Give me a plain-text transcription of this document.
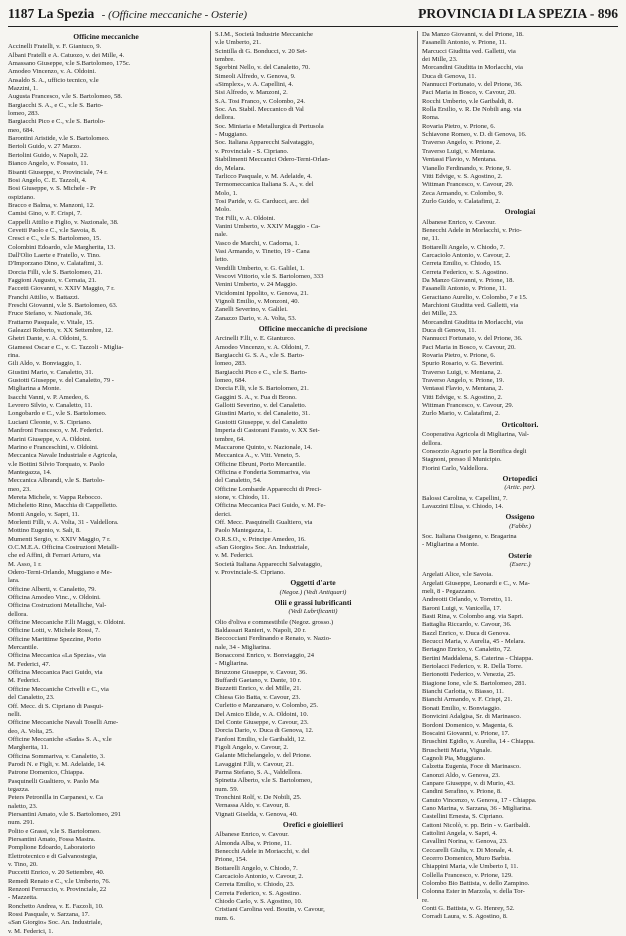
1187 La Spezia - (Officine meccaniche - Osterie)	PROVINCIA DI LA SPEZIA - 896
Officine meccaniche
Accinelli Fratelli, v. F. Giantuco, 9.
Albani Fratelli e A. Catuozo, v. dei Mille, 4.
Amassano Giuseppe, v.le S.Bartolomeo, 175c.
Amodeo Vincenzo, v. A. Oldoini.
Ansaldo S. A., ufficio tecnico, v.le
Mazzini, 1.
Augusta Francesco, v.le S. Bartolomeo, 58.
Bargiacchi S. A., e C., v.le S. Barto-
lomeo, 283.
Bargiacchi Pico e C., v.le S. Bartolo-
meo, 684.
Barontini Aristide, v.le S. Bartolomeo.
Bertoli Guido, v. 27 Marzo.
Bertolini Guido, v. Napoli, 22.
Bianco Angelo, v. Fossato, 11.
Bisanti Giuseppe, v. Provinciale, 74 r.
Bosi Angelo, C. E. Tazzoli, 4.
Bosi Giuseppe, v. S. Michele - Pr
ospiziano.
Bracco e Balma, v. Manzoni, 12.
Camisi Gino, v. F. Crispi, 7.
Cappelli Attilio e Figlio, v. Nazionale, 38.
Cevetti Paolo e C., v.le Savoia, 8.
Cresci e C., v.le S. Bartolomeo, 15.
Colombini Edoardo, v.le Margherita, 13.
Dall'Olio Laerte e Fratello, v. Tino.
D'Imporzano Dino, v. Calatafimi, 3.
Dorcia Filli, v.le S. Bartolomeo, 21.
Faggioni Augusto, v. Cernaia, 21.
Faccetti Giovanni, v. XXIV Maggio, 7 r.
Franchi Attilio, v. Battazzi.
Freschi Giovanni, v.le S. Bartolomeo, 63.
Fruce Stefano, v. Nazionale, 36.
Frattarno Pasquale, v. Vitale, 15.
Galeazzi Roberto, v. XX Settembre, 12.
Ghetri Dante, v. A. Oldoini, 5.
Giamessi Oscar e C., v. C. Tazzoli - Miglia-
rina.
Gili Aldo, v. Bonviaggio, 1.
Giustini Mario, v. Canaletto, 31.
Gustotti Giuseppe, v. del Canaletto, 79 -
Migliarina a Monte.
Isacchi Vanni, v. P. Amedeo, 6.
Levrero Silvio, v. Canaletto, 11.
Longobardo e C., v.le S. Bartolomeo.
Luciani Cleonte, v. S. Cipriano.
Manfroni Francesco, v. M. Federici.
Marini Giuseppe, v. A. Oldoini.
Marino e Franceschini, v. Oldoini.
Meccanica Navale Industriale e Agricola,
v.le Bottini Silvio Torquato, v. Paolo
Mantegazza, 14.
Meccanica Albrandi, v.le S. Bartolo-
meo, 23.
Mereta Michele, v. Vappa Rebocco.
Micheletto Rino, Macchia di Cappelletto.
Monti Angelo, v. Sapri, 11.
Morlenti Filli, v. A. Volta, 31 - Valdellora.
Mottino Eugenio, v. Salt, 8.
Mumenti Sergio, v. XXIV Maggio, 7 r.
O.C.M.E.A. Officina Costruzioni Metalli-
che ed Affini, di Ferrari Arturo, via
M. Asso, 1 r.
Odero-Terni-Orlando, Muggiano e Me-
lara.
Officine Alberti, v. Canaletto, 79.
Officina Amodeo Vinc., v. Oldoini.
Officina Costruzioni Metalliche, Val-
dellora.
Officine Meccaniche F.lli Maggi, v. Oldoini.
Officine Lotti, v. Michele Rossi, 7.
Officine Marittime Spezzine, Porto
Mercantile.
Officina Meccanica «La Spezia», via
M. Federici, 47.
Officina Meccanica Paci Guido, via
M. Federici.
Officine Meccaniche Crivelli e C., via
del Canaletto, 23.
Off. Mecc. di S. Cipriano di Pasqui-
nelli.
Officine Meccaniche Navali Toselli Ame-
deo, A. Volta, 25.
Officine Meccaniche «Sada» S. A., v.le
Margherita, 11.
Officina Sommariva, v. Canaletto, 3.
Parodi N. e Figli, v. M. Adelaide, 14.
Patrone Domenico, Chiappa.
Pasquinelli Gualtiero, v. Paolo Ma
tegazza.
Peters Petronilla in Carpanesi, v. Ca
naletto, 23.
Piersantini Amato, v.le S. Bartolomeo, 291
num. 291.
Polito e Grassi, v.le S. Bartolomeo.
Piersantini Amato, Fossa Mastra.
Pomplione Edoardo, Laboratorio
Elettrotecnico e di Galvanostegia,
v. Tino, 20.
Puccetti Enrico, v. 20 Settembre, 40.
Remedi Renato e C., v.le Umberto, 76.
Renzoni Ferruccio, v. Provinciale, 22
- Mazzetta.
Ronchetto Andrea, v. E. Fazzoli, 10.
Rossi Pasquale, v. Sarzana, 17.
«San Giorgio» Soc. An. Industriale,
v. M. Federici, 1.
S.I.M., Società Industrie Meccaniche
v.le Umberto, 21.
Scintilla di G. Bonducci, v. 20 Set-
tembre.
Sgorbini Nello, v. del Canaletto, 70.
Simeoli Alfredo, v. Genova, 9.
«Simplex», v. A. Capellini, 4.
Sisi Alfredo, v. Manzoni, 2.
S.A. Tosi Franco, v. Colombo, 24.
Soc. An. Stabil. Meccanico di Val
dellora.
Soc. Miniaria e Metallurgica di Pertusola
- Muggiano.
Soc. Italiana Apparecchi Salvataggio,
v. Provinciale - S. Cipriano.
Stabilimenti Meccanici Odero-Terni-Orlan-
do, Melara.
Tarlicco Pasquale, v. M. Adelaide, 4.
Termomeccanica Italiana S. A., v. del
Molo, 1.
Tosi Paride, v. G. Carducci, arc. del
Molo.
Tot Filli, v. A. Oldoini.
Vanini Umberto, v. XXIV Maggio - Ca-
nale.
Vasco de Marchi, v. Cadorna, 1.
Vasi Armando, v. Tinetto, 19 - Cana
letto.
Vendilli Umberto, v. G. Galilei, 1.
Vescovi Vittorio, v.le S. Bartolomeo, 333
Venini Umberto, v. 24 Maggio.
Vicidomini Ippolito, v. Genova, 21.
Vignoli Emilio, v. Monzoni, 40.
Zanelli Severino, v. Galilei.
Zanazzo Dario, v. A. Volta, 53.
Officine meccaniche di precisione
Arcinelli F.lli, v. E. Gianturco.
Amodeo Vincenzo, v. A. Oldoini, 7.
Bargiacchi G. S. A., v.le S. Barto-
lomeo, 283.
Bargiacchi Pico e C., v.le S. Barto-
lomeo, 684.
Dorcia F.lli, v.le S. Bartolomeo, 21.
Gaggini S. A., v. Fua di Brono.
Gallotti Severino, v. del Canaletto.
Giustini Mario, v. del Canaletto, 31.
Gustotti Giuseppe, v. del Canaletto
Imperia di Castorani Fausto, v. XX Set-
tembre, 64.
Maccarone Quinto, v. Nazionale, 14.
Meccanica A., v. Vitt. Veneto, 5.
Officine Ebruni, Porto Mercantile.
Officina e Fonderia Sommariva, via
del Canaletto, 54.
Officine Lombarde Apparecchi di Preci-
sione, v. Chiodo, 11.
Officina Meccanica Paci Guido, v. M. Fe-
derici.
Off. Mecc. Pasquinelli Gualtiero, via
Paolo Mantegazza, 1.
O.R.S.O., v. Principe Amedeo, 16.
«San Giorgio» Soc. An. Industriale,
v. M. Federici.
Società Italiana Apparecchi Salvataggio,
v. Provinciale-S. Cipriano.
Oggetti d'arte
(Negoz.) (Vedi Antiquari)
Olii e grassi lubrificanti
(Vedi Lubrificanti)
Olio d'oliva e commestibile (Negoz. grosso.)
Baldassari Ranieri, v. Napoli, 20 r.
Beccocciani Ferdinando e Renato, v. Nazio-
nale, 34 - Migliarina.
Bonaccorsi Enrico, v. Bonviaggio, 24
- Migliarina.
Bruzzone Giuseppe, v. Cavour, 36.
Buffardi Gaetano, v. Dante, 10 r.
Buzzetti Enrico, v. del Mille, 21.
Chiesa Gio Batta, v. Cavour, 23.
Curletto e Manzanaro, v. Colombo, 25.
Del Amico Elide, v. A. Oldoini, 10.
Del Conte Giuseppe, v. Cavour, 23.
Dorcia Dario, v. Duca di Genova, 12.
Fanfoni Emilio, v.le Garibaldi, 12.
Figoli Angelo, v. Cavour, 2.
Galante Michelangelo, v. del Prione.
Lavaggini F.lli, v. Cavour, 21.
Parma Stefano, S. A., Valdellora.
Spinetta Alberto, v.le S. Bartolomeo,
num. 59.
Tronchini Rolf, v. De Nobili, 25.
Vernassa Aldo, v. Cavour, 8.
Vignati Giselda, v. Genova, 40.
Orefici e gioiellieri
Albanese Enrico, v. Cavour.
Almonda Alba, v. Prione, 11.
Benecchi Adele in Moriacchi, v. del
Prione, 154.
Bottarelli Angelo, v. Chiodo, 7.
Carcaciolo Antonio, v. Cavour, 2.
Cerreta Emilio, v. Chiodo, 23.
Cerreta Federico, v. S. Agostino.
Chiodo Carlo, v. S. Agostino, 10.
Cristiani Carolina ved. Boutin, v. Cavour,
num. 6.
Da Manzo Giovanni, v. del Prione, 18.
Fasanelli Antonio, v. Prione, 11.
Marcucci Giuditta ved. Galletti, via
dei Mille, 23.
Morcandini Giuditta in Morlacchi, via
Duca di Genova, 11.
Nannucci Fortunato, v. del Prione, 36.
Paci Maria in Bosco, v. Cavour, 20.
Rocchi Umberto, v.le Garibaldi, 8.
Rolla Ersilio, v. R. De Nobili ang. via
Roma.
Rovaria Pietro, v. Prione, 6.
Schiavone Romeo, v. D. di Genova, 16.
Traverso Angelo, v. Prione, 2.
Traverso Luigi, v. Mentana.
Ventassi Flavio, v. Mentana.
Vianello Ferdinando, v. Prione, 9.
Vitti Edvige, v. S. Agostino, 2.
Wittman Francesco, v. Cavour, 29.
Zeca Armando, v. Colombo, 9.
Zurlo Guido, v. Calatafimi, 2.
Orologiai
Albanese Enrico, v. Cavour.
Benecchi Adele in Morlacchi, v. Prio-
ne, 11.
Bottarelli Angelo, v. Chiodo, 7.
Carcaciolo Antonio, v. Cavour, 2.
Cerreta Emilio, v. Chiodo, 15.
Cerreta Federico, v. S. Agostino.
Da Manzo Giovanni, v. Prione, 18.
Fasanelli Antonio, v. Prione, 11.
Geracitano Aurelio, v. Colombo, 7 e 15.
Marchioni Giuditta ved. Galletti, via
dei Mille, 23.
Morcandini Giuditta in Morlacchi, via
Duca di Genova, 11.
Nannucci Fortunato, v. del Prione, 36.
Paci Maria in Bosco, v. Cavour, 20.
Rovaria Pietro, v. Prione, 6.
Spurio Rosario, v. G. Beverini.
Traverso Luigi, v. Mentana, 2.
Traverso Angelo, v. Prione, 19.
Ventassi Flavio, v. Mentana, 2.
Vitti Edvige, v. S. Agostino, 2.
Wittman Francesco, v. Cavour, 29.
Zurlo Mario, v. Calatafimi, 2.
Orticoltori.
Cooperativa Agricola di Migliarina, Val-
dellora.
Consorzio Agrario per la Bonifica degli
Stagnoni, presso il Municipio.
Fiorini Carlo, Valdellora.
Ortopedici
(Artic. per).
Balossi Carolina, v. Capellini, 7.
Lavazzini Elisa, v. Chiodo, 14.
Ossigeno
(Fabbr.)
Soc. Italiana Ossigeno, v. Bragarina
- Migliarina a Monte.
Osterie
(Eserc.)
Argelati Alice, v.le Savoia.
Argelati Giuseppe, Leonardi e C., v. Ma-
meli, 8 - Pegazzano.
Andreotti Orlando, v. Torretto, 11.
Baroni Luigi, v. Vanicella, 17.
Basti Rina, v. Colombo ang. via Sapri.
Battaglia Riccardo, v. Cavour, 36.
Bazzl Enrico, v. Duca di Genova.
Becucci Maria, v. Aurelia, 45 - Melara.
Bertagno Enrico, v. Canaletto, 72.
Bertini Maddalena, S. Caterina - Chiappa.
Bertolacci Federico, v. R. Della Torre.
Bertonotti Federico, v. Venezia, 25.
Biagione Ione, v.le S. Bartolomeo, 281.
Bianchi Carlotta, v. Biasso, 11.
Bianchi Armando, v. F. Crispi, 21.
Bonati Emilio, v. Bonviaggio.
Bonvicini Adalgisa, Sr. di Marinasco.
Bordoni Domenico, v. Magenta, 6.
Boscaini Giovanni, v. Prione, 17.
Bruschini Egidio, v. Aurelia, 14 - Chiappa.
Bruschetti Maria, Vignale.
Cagnoli Pia, Muggiano.
Calzetta Eugenia, Foce di Marinasco.
Canonzi Aldo, v. Genova, 23.
Canpare Giuseppe, v. di Murio, 43.
Candini Serafino, v. Prione, 8.
Canuto Vincenzo, v. Genova, 17 - Chiappa.
Cano Marina, v. Sarzana, 36 - Migliarina.
Castellini Ernesta, S. Cipriano.
Cattoni Nicolò, v. pp. Brin - v. Garibaldi.
Cattolini Angela, v. Sapri, 4.
Cavallini Norina, v. Genova, 23.
Ceccarelli Giulia, v. Di Monale, 4.
Cecerro Domenico, Muro Barbia.
Chiappini Maria, v.le Umberto I, 11.
Collella Francesco, v. Prione, 129.
Colombo Bio Battista, v. dello Zampino.
Colonna Ester in Marzola, v. della Tor-
re.
Conti G. Battista, v. G. Henrey, 52.
Corradi Laura, v. S. Agostino, 8.
